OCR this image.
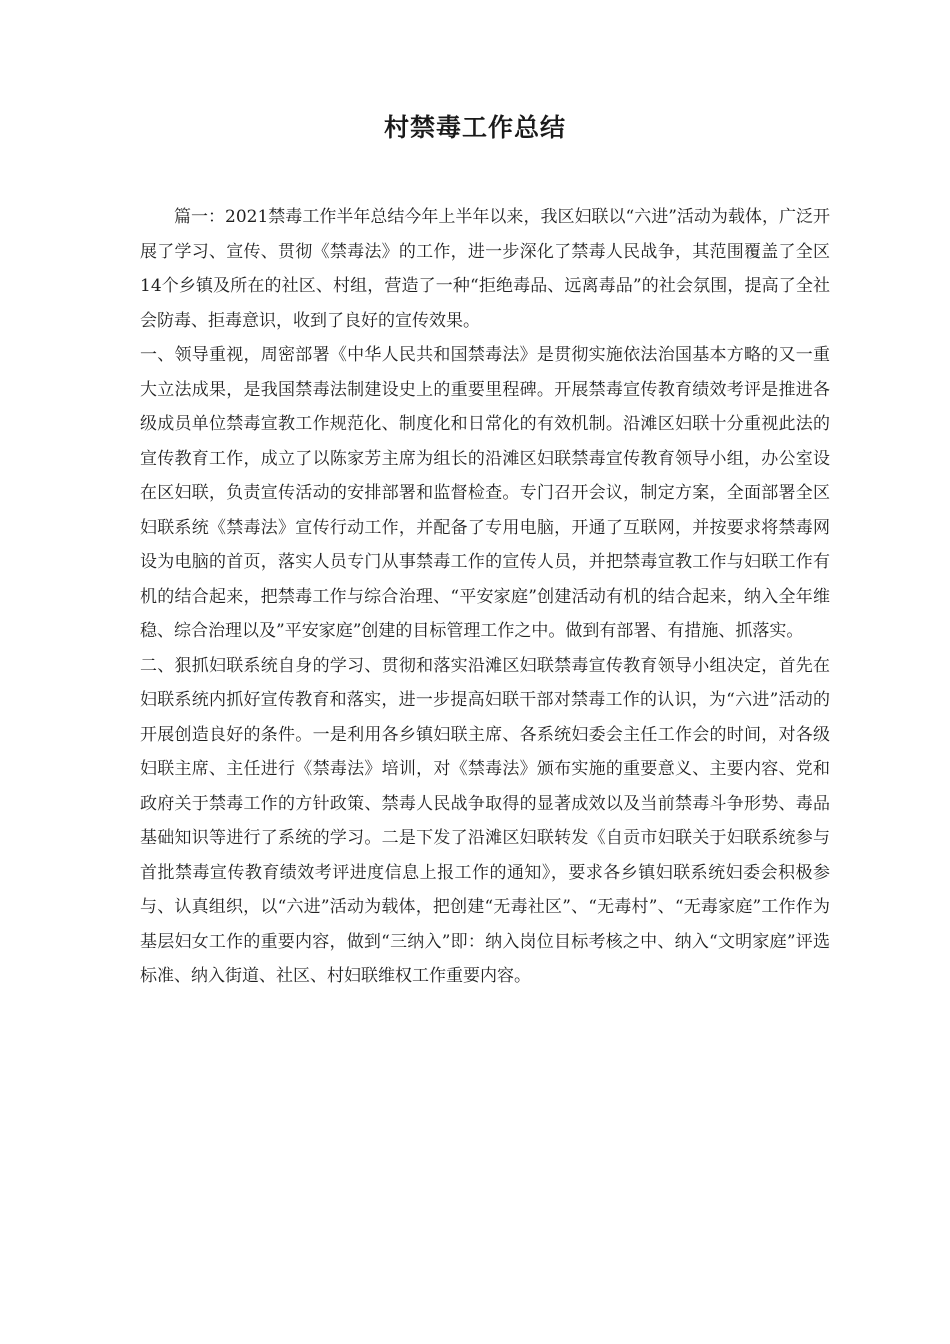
村禁毒工作总结

篇一：2021禁毒工作半年总结今年上半年以来，我区妇联以“六进”活动为载体，广泛开展了学习、宣传、贯彻《禁毒法》的工作，进一步深化了禁毒人民战争，其范围覆盖了全区14个乡镇及所在的社区、村组，营造了一种“拒绝毒品、远离毒品”的社会氛围，提高了全社会防毒、拒毒意识，收到了良好的宣传效果。

一、领导重视，周密部署《中华人民共和国禁毒法》是贯彻实施依法治国基本方略的又一重大立法成果，是我国禁毒法制建设史上的重要里程碑。开展禁毒宣传教育绩效考评是推进各级成员单位禁毒宣教工作规范化、制度化和日常化的有效机制。沿滩区妇联十分重视此法的宣传教育工作，成立了以陈家芳主席为组长的沿滩区妇联禁毒宣传教育领导小组，办公室设在区妇联，负责宣传活动的安排部署和监督检查。专门召开会议，制定方案，全面部署全区妇联系统《禁毒法》宣传行动工作，并配备了专用电脑，开通了互联网，并按要求将禁毒网设为电脑的首页，落实人员专门从事禁毒工作的宣传人员，并把禁毒宣教工作与妇联工作有机的结合起来，把禁毒工作与综合治理、“平安家庭”创建活动有机的结合起来，纳入全年维稳、综合治理以及”平安家庭”创建的目标管理工作之中。做到有部署、有措施、抓落实。

二、狠抓妇联系统自身的学习、贯彻和落实沿滩区妇联禁毒宣传教育领导小组决定，首先在妇联系统内抓好宣传教育和落实，进一步提高妇联干部对禁毒工作的认识，为“六进”活动的开展创造良好的条件。一是利用各乡镇妇联主席、各系统妇委会主任工作会的时间，对各级妇联主席、主任进行《禁毒法》培训，对《禁毒法》颁布实施的重要意义、主要内容、党和政府关于禁毒工作的方针政策、禁毒人民战争取得的显著成效以及当前禁毒斗争形势、毒品基础知识等进行了系统的学习。二是下发了沿滩区妇联转发《自贡市妇联关于妇联系统参与首批禁毒宣传教育绩效考评进度信息上报工作的通知》，要求各乡镇妇联系统妇委会积极参与、认真组织，以“六进”活动为载体，把创建“无毒社区”、“无毒村”、“无毒家庭”工作作为基层妇女工作的重要内容，做到“三纳入”即：纳入岗位目标考核之中、纳入“文明家庭”评选标准、纳入街道、社区、村妇联维权工作重要内容。
